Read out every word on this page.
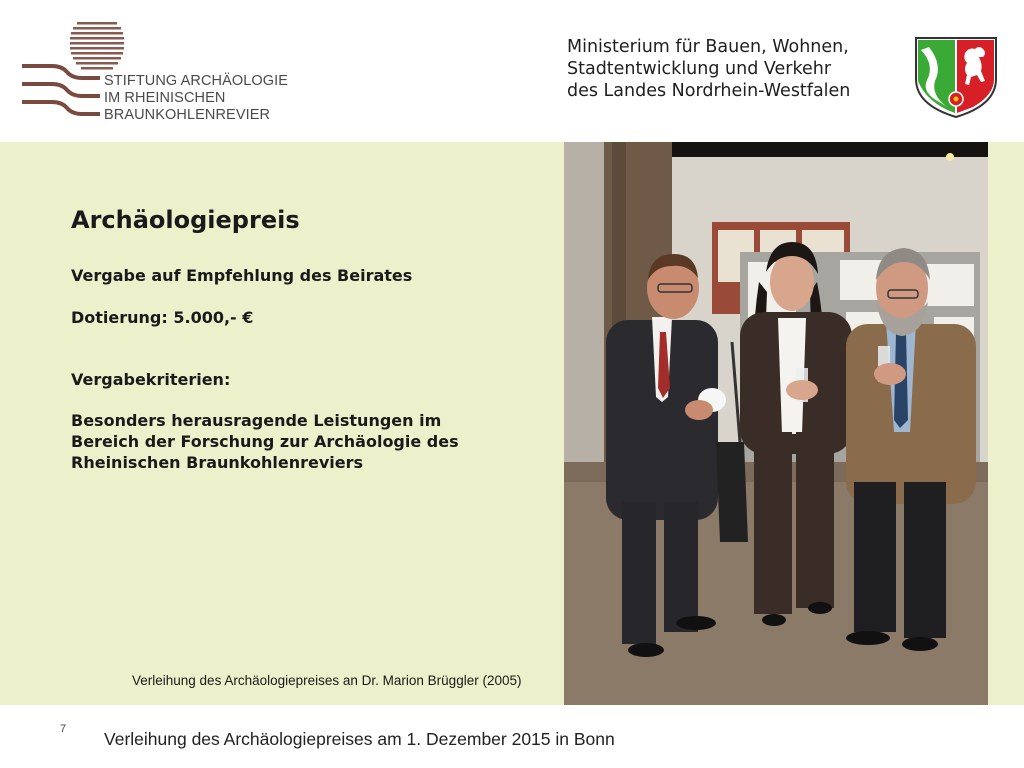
STIFTUNG ARCHÄOLOGIE
IM RHEINISCHEN
BRAUNKOHLENREVIER
Ministerium für Bauen, Wohnen,
Stadtentwicklung und Verkehr
des Landes Nordrhein-Westfalen
Archäologiepreis
Vergabe auf Empfehlung des Beirates
Dotierung: 5.000,- €
Vergabekriterien:
Besonders herausragende Leistungen im
Bereich der Forschung zur Archäologie des
Rheinischen Braunkohlenreviers
Verleihung des Archäologiepreises an Dr. Marion Brüggler (2005)
7 Verleihung des Archäologiepreises am 1. Dezember 2015 in Bonn
